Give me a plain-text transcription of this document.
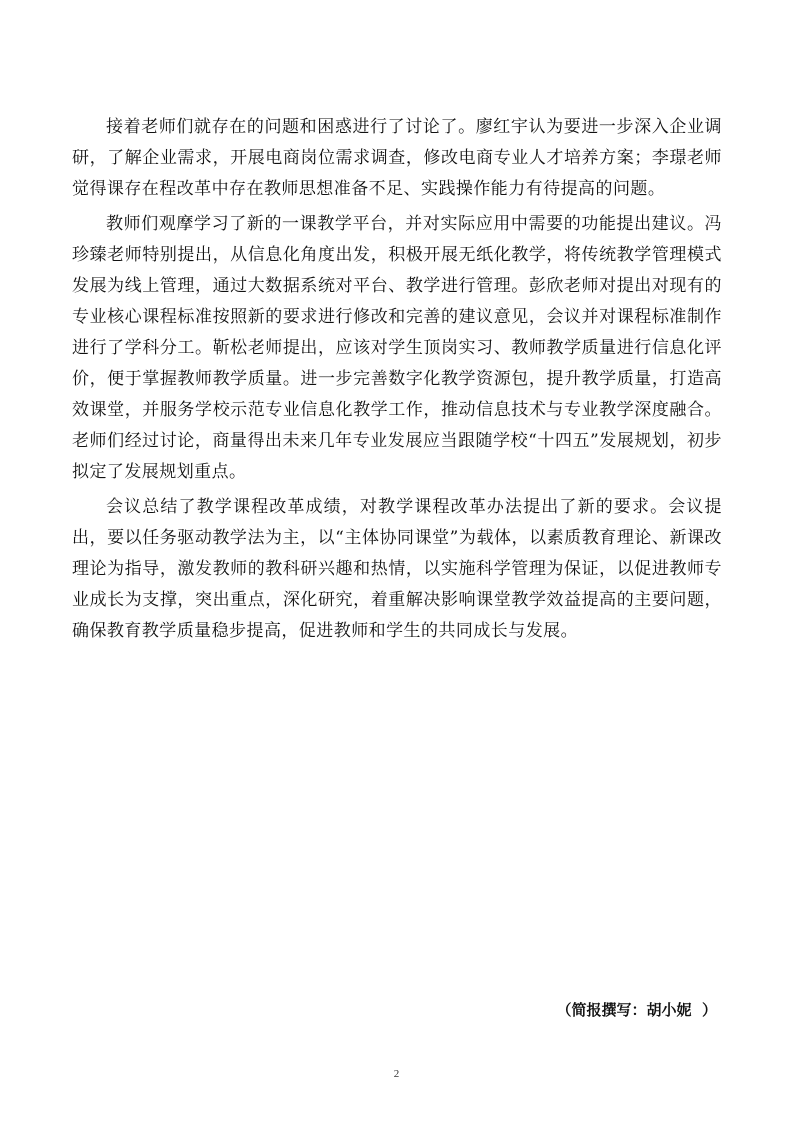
接着老师们就存在的问题和困惑进行了讨论了。廖红宇认为要进一步深入企业调研，了解企业需求，开展电商岗位需求调查，修改电商专业人才培养方案；李璟老师觉得课存在程改革中存在教师思想准备不足、实践操作能力有待提高的问题。

教师们观摩学习了新的一课教学平台，并对实际应用中需要的功能提出建议。冯珍臻老师特别提出，从信息化角度出发，积极开展无纸化教学，将传统教学管理模式发展为线上管理，通过大数据系统对平台、教学进行管理。彭欣老师对提出对现有的专业核心课程标准按照新的要求进行修改和完善的建议意见，会议并对课程标准制作进行了学科分工。靳松老师提出，应该对学生顶岗实习、教师教学质量进行信息化评价，便于掌握教师教学质量。进一步完善数字化教学资源包，提升教学质量，打造高效课堂，并服务学校示范专业信息化教学工作，推动信息技术与专业教学深度融合。老师们经过讨论，商量得出未来几年专业发展应当跟随学校“十四五”发展规划，初步拟定了发展规划重点。

会议总结了教学课程改革成绩，对教学课程改革办法提出了新的要求。会议提出，要以任务驱动教学法为主，以“主体协同课堂”为载体，以素质教育理论、新课改理论为指导，激发教师的教科研兴趣和热情，以实施科学管理为保证，以促进教师专业成长为支撑，突出重点，深化研究，着重解决影响课堂教学效益提高的主要问题，确保教育教学质量稳步提高，促进教师和学生的共同成长与发展。

（简报撰写：胡小妮  ）
2
